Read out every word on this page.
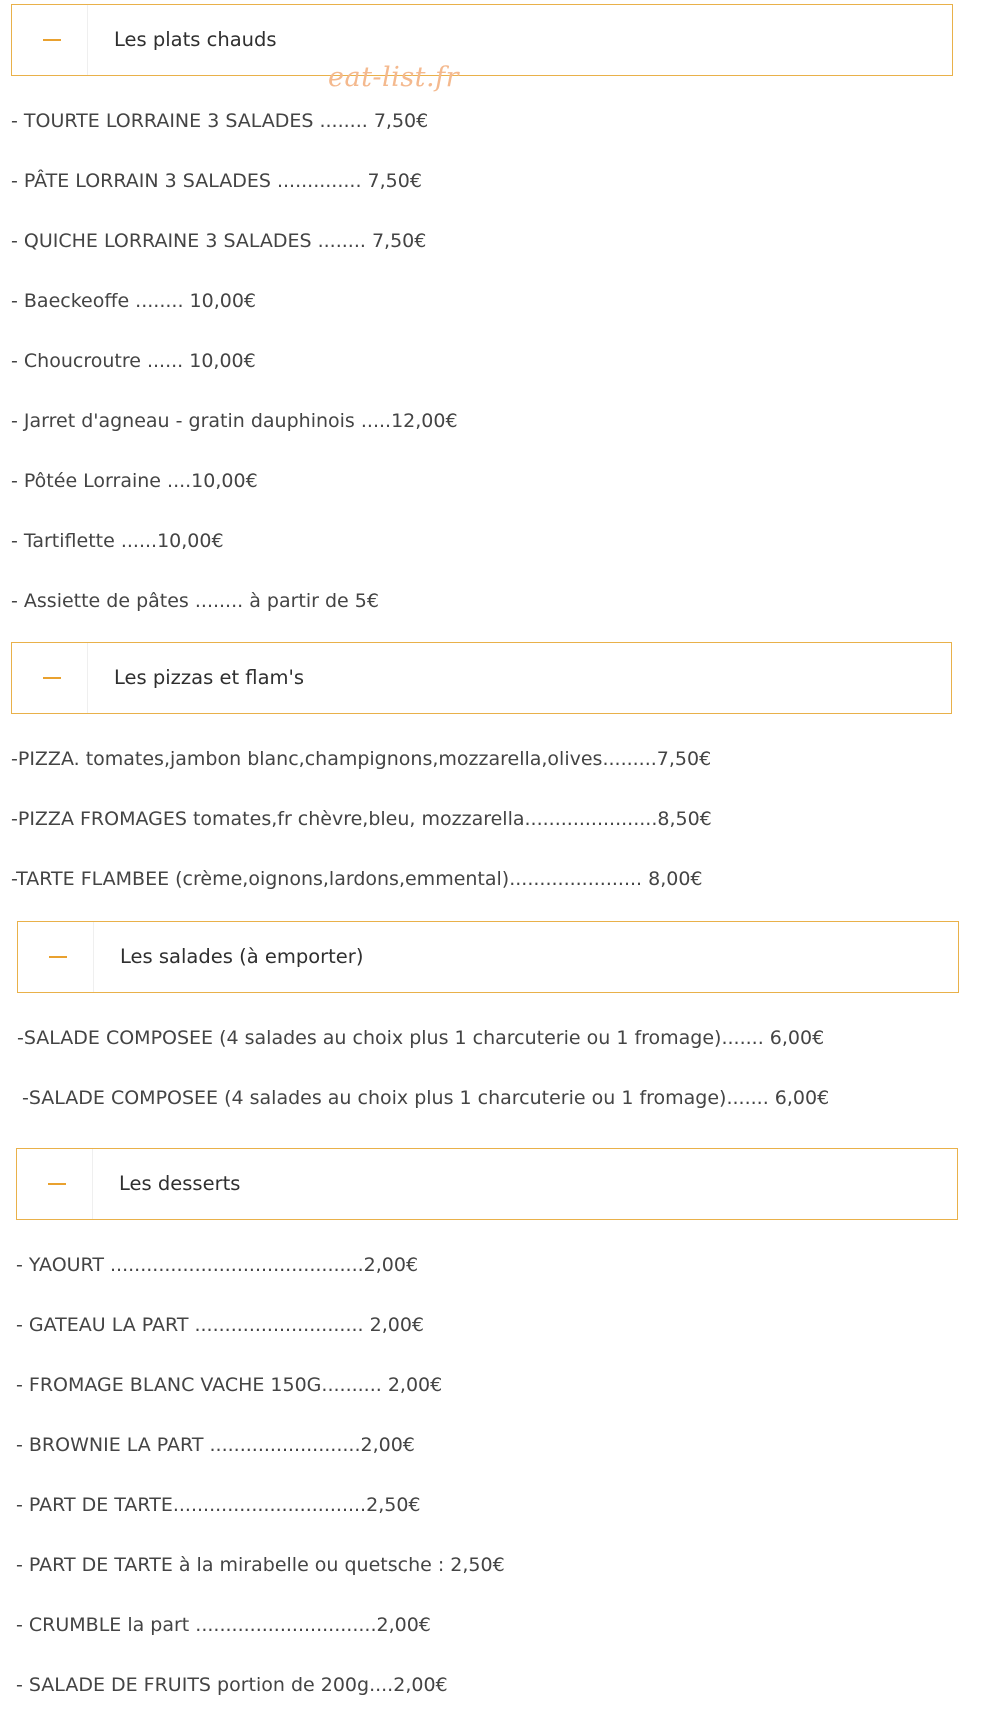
Les plats chauds
eat-list.fr
- TOURTE LORRAINE 3 SALADES ........ 7,50€
- PÂTE LORRAIN 3 SALADES .............. 7,50€
- QUICHE LORRAINE 3 SALADES ........ 7,50€
- Baeckeoffe ........ 10,00€
- Choucroutre ...... 10,00€
- Jarret d'agneau - gratin dauphinois .....12,00€
- Pôtée Lorraine ....10,00€
- Tartiflette ......10,00€
- Assiette de pâtes ........ à partir de 5€
Les pizzas et flam's
-PIZZA. tomates,jambon blanc,champignons,mozzarella,olives.........7,50€
-PIZZA FROMAGES tomates,fr chèvre,bleu, mozzarella......................8,50€
-TARTE FLAMBEE (crème,oignons,lardons,emmental)...................... 8,00€
Les salades (à emporter)
-SALADE COMPOSEE (4 salades au choix plus 1 charcuterie ou 1 fromage)....... 6,00€
-SALADE COMPOSEE (4 salades au choix plus 1 charcuterie ou 1 fromage)....... 6,00€
Les desserts
- YAOURT ..........................................2,00€
- GATEAU LA PART ............................ 2,00€
- FROMAGE BLANC VACHE 150G.......... 2,00€
- BROWNIE LA PART .........................2,00€
- PART DE TARTE................................2,50€
- PART DE TARTE à la mirabelle ou quetsche : 2,50€
- CRUMBLE la part ..............................2,00€
- SALADE DE FRUITS portion de 200g....2,00€
